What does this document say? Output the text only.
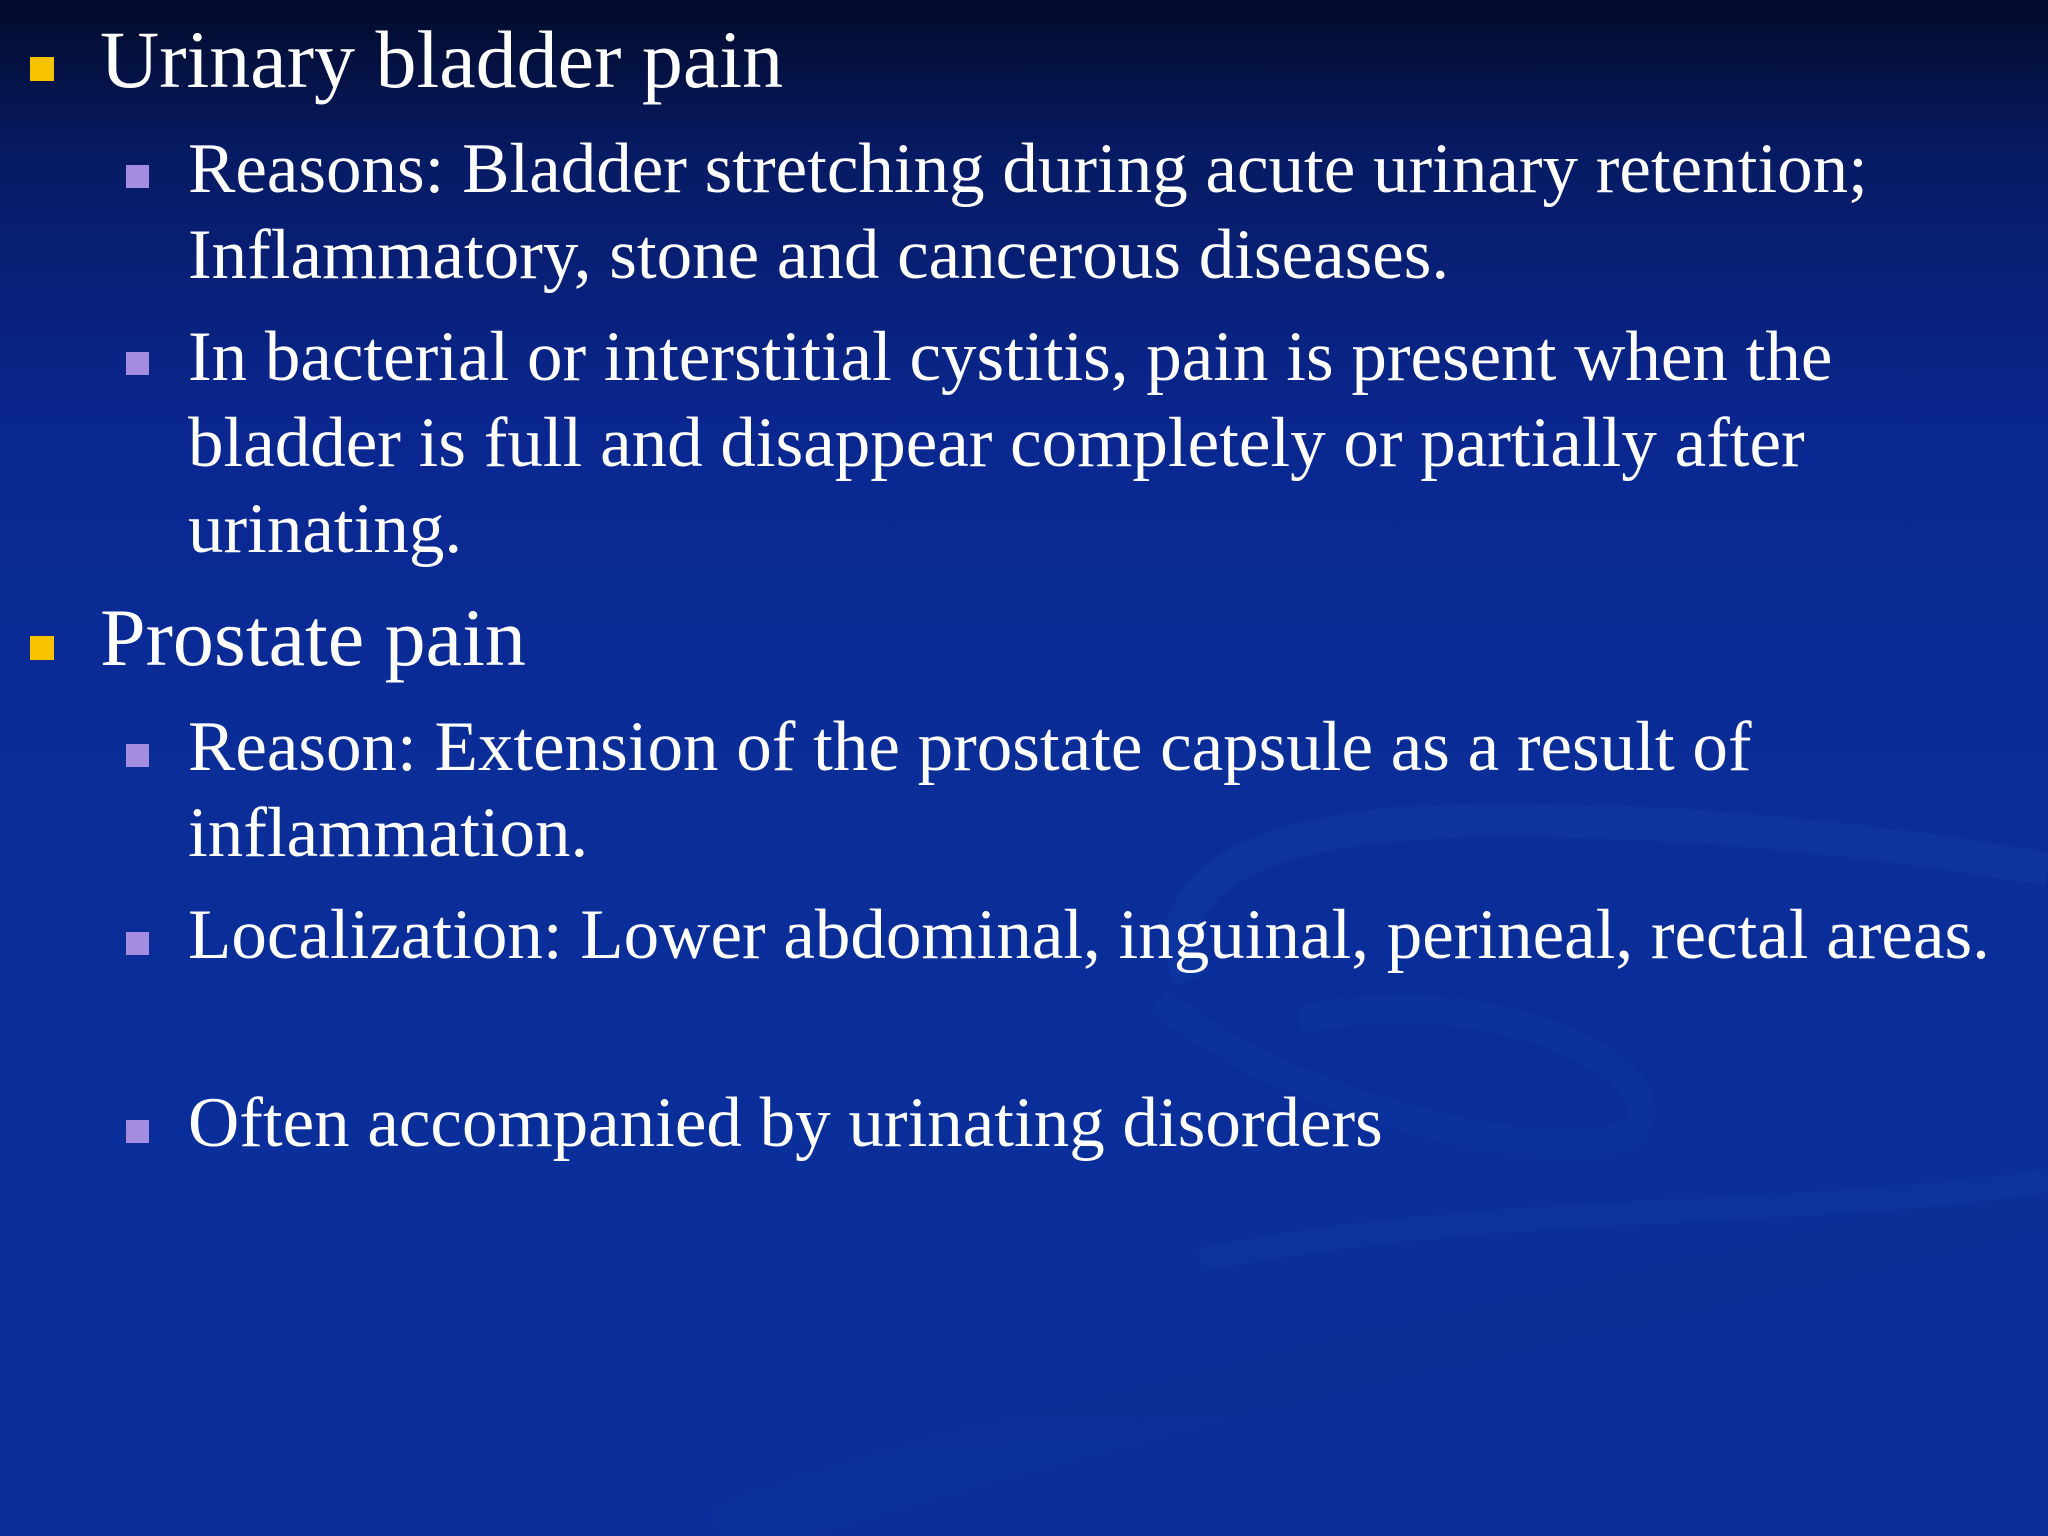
Urinary bladder pain
Reasons: Bladder stretching during acute urinary retention; Inflammatory, stone and cancerous diseases.
In bacterial or interstitial cystitis, pain is present when the bladder is full and disappear completely or partially after urinating.
Prostate pain
Reason: Extension of the prostate capsule as a result of inflammation.
Localization: Lower abdominal, inguinal, perineal, rectal areas.
Often accompanied by urinating disorders
